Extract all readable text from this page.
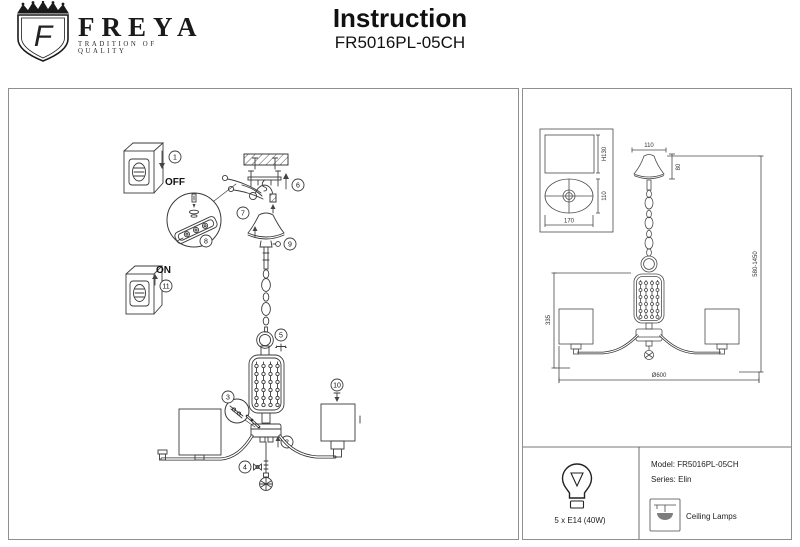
F FREYA
TRADITION OF QUALITY
Instruction
FR5016PL-05CH
OFF
1
ON
11
6
7
9
5
8
3
2
10
4
H130
110
170
110
80
335
Ø600
580-1450
5 x E14 (40W)
Model: FR5016PL-05CH
Series: Elin
Ceiling Lamps
